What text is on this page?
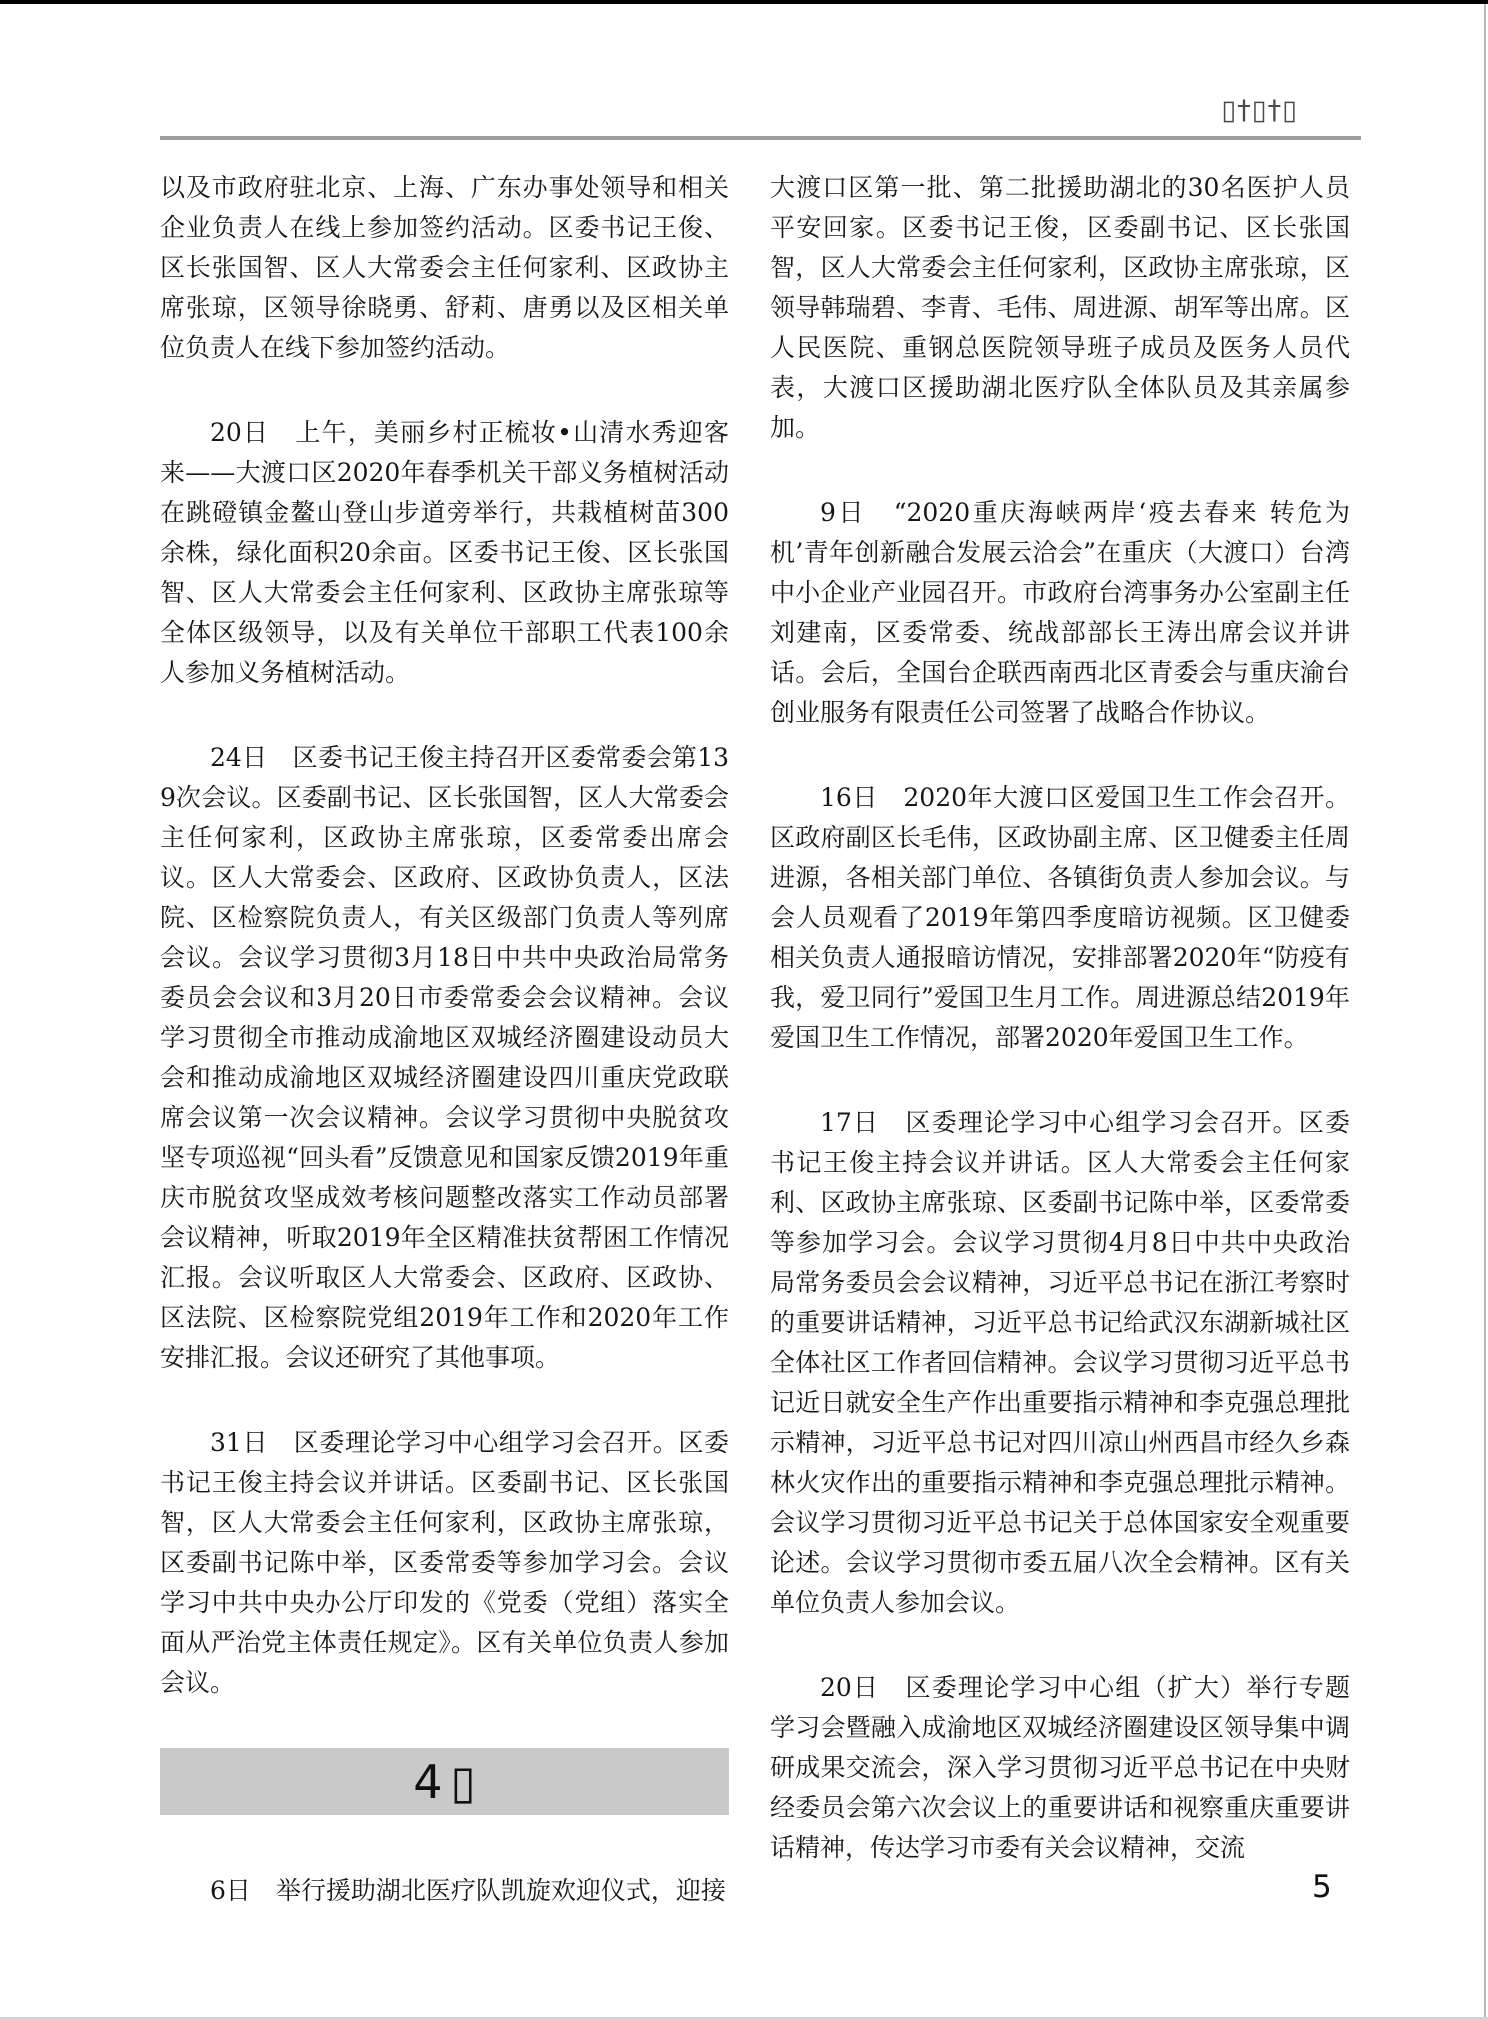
▯†▯†▯

以及市政府驻北京、上海、广东办事处领导和相关企业负责人在线上参加签约活动。区委书记王俊、区长张国智、区人大常委会主任何家利、区政协主席张琼，区领导徐晓勇、舒莉、唐勇以及区相关单位负责人在线下参加签约活动。

20日　上午，美丽乡村正梳妆•山清水秀迎客来——大渡口区2020年春季机关干部义务植树活动在跳磴镇金鳌山登山步道旁举行，共栽植树苗300余株，绿化面积20余亩。区委书记王俊、区长张国智、区人大常委会主任何家利、区政协主席张琼等全体区级领导，以及有关单位干部职工代表100余人参加义务植树活动。

24日　区委书记王俊主持召开区委常委会第139次会议。区委副书记、区长张国智，区人大常委会主任何家利，区政协主席张琼，区委常委出席会议。区人大常委会、区政府、区政协负责人，区法院、区检察院负责人，有关区级部门负责人等列席会议。会议学习贯彻3月18日中共中央政治局常务委员会会议和3月20日市委常委会会议精神。会议学习贯彻全市推动成渝地区双城经济圈建设动员大会和推动成渝地区双城经济圈建设四川重庆党政联席会议第一次会议精神。会议学习贯彻中央脱贫攻坚专项巡视“回头看”反馈意见和国家反馈2019年重庆市脱贫攻坚成效考核问题整改落实工作动员部署会议精神，听取2019年全区精准扶贫帮困工作情况汇报。会议听取区人大常委会、区政府、区政协、区法院、区检察院党组2019年工作和2020年工作安排汇报。会议还研究了其他事项。

31日　区委理论学习中心组学习会召开。区委书记王俊主持会议并讲话。区委副书记、区长张国智，区人大常委会主任何家利，区政协主席张琼，区委副书记陈中举，区委常委等参加学习会。会议学习中共中央办公厅印发的《党委（党组）落实全面从严治党主体责任规定》。区有关单位负责人参加会议。

4▯

6日　举行援助湖北医疗队凯旋欢迎仪式，迎接

大渡口区第一批、第二批援助湖北的30名医护人员平安回家。区委书记王俊，区委副书记、区长张国智，区人大常委会主任何家利，区政协主席张琼，区领导韩瑞碧、李青、毛伟、周进源、胡军等出席。区人民医院、重钢总医院领导班子成员及医务人员代表，大渡口区援助湖北医疗队全体队员及其亲属参加。

9日　“2020重庆海峡两岸‘疫去春来 转危为机’青年创新融合发展云洽会”在重庆（大渡口）台湾中小企业产业园召开。市政府台湾事务办公室副主任刘建南，区委常委、统战部部长王涛出席会议并讲话。会后，全国台企联西南西北区青委会与重庆渝台创业服务有限责任公司签署了战略合作协议。

16日　2020年大渡口区爱国卫生工作会召开。区政府副区长毛伟，区政协副主席、区卫健委主任周进源，各相关部门单位、各镇街负责人参加会议。与会人员观看了2019年第四季度暗访视频。区卫健委相关负责人通报暗访情况，安排部署2020年“防疫有我，爱卫同行”爱国卫生月工作。周进源总结2019年爱国卫生工作情况，部署2020年爱国卫生工作。

17日　区委理论学习中心组学习会召开。区委书记王俊主持会议并讲话。区人大常委会主任何家利、区政协主席张琼、区委副书记陈中举，区委常委等参加学习会。会议学习贯彻4月8日中共中央政治局常务委员会会议精神，习近平总书记在浙江考察时的重要讲话精神，习近平总书记给武汉东湖新城社区全体社区工作者回信精神。会议学习贯彻习近平总书记近日就安全生产作出重要指示精神和李克强总理批示精神，习近平总书记对四川凉山州西昌市经久乡森林火灾作出的重要指示精神和李克强总理批示精神。会议学习贯彻习近平总书记关于总体国家安全观重要论述。会议学习贯彻市委五届八次全会精神。区有关单位负责人参加会议。

20日　区委理论学习中心组（扩大）举行专题学习会暨融入成渝地区双城经济圈建设区领导集中调研成果交流会，深入学习贯彻习近平总书记在中央财经委员会第六次会议上的重要讲话和视察重庆重要讲话精神，传达学习市委有关会议精神，交流

5
